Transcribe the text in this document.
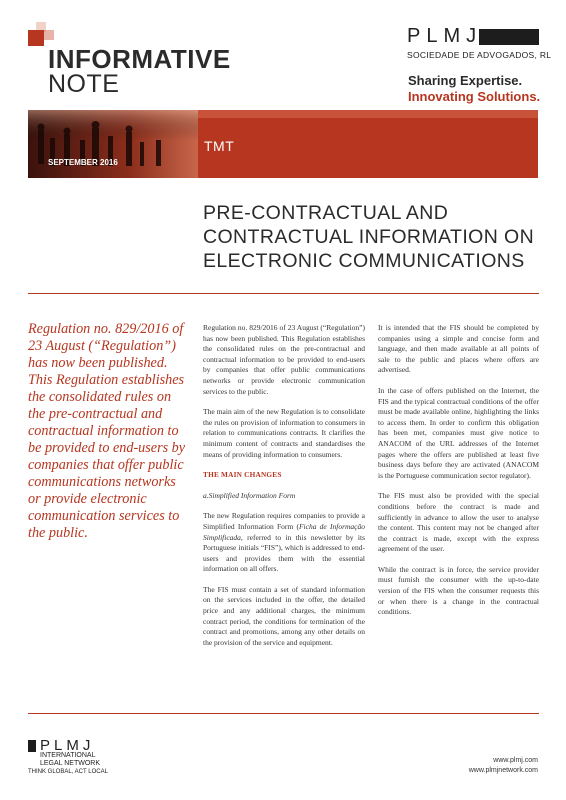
INFORMATIVE
NOTE
PLMJ
SOCIEDADE DE ADVOGADOS, RL
Sharing Expertise.
Innovating Solutions.
SEPTEMBER 2016
TMT
PRE-CONTRACTUAL AND
CONTRACTUAL INFORMATION ON
ELECTRONIC COMMUNICATIONS
Regulation no. 829/2016 of 23 August (“Regulation”) has now been published. This Regulation establishes the consolidated rules on the pre-contractual and contractual information to be provided to end-users by companies that offer public communications networks or provide electronic communication services to the public.

Regulation no. 829/2016 of 23 August (“Regulation”) has now been published. This Regulation establishes the consolidated rules on the pre-contractual and contractual information to be provided to end-users by companies that offer public communications networks or provide electronic communication services to the public.

The main aim of the new Regulation is to consolidate the rules on provision of information to consumers in relation to communications contracts. It clarifies the minimum content of contracts and standardises the means of providing information to consumers.

THE MAIN CHANGES

a.Simplified Information Form

The new Regulation requires companies to provide a Simplified Information Form (Ficha de Informação Simplificada, referred to in this newsletter by its Portuguese initials “FIS”), which is addressed to end-users and provides them with the essential information on all offers.

The FIS must contain a set of standard information on the services included in the offer, the detailed price and any additional charges, the minimum contract period, the conditions for termination of the contract and promotions, among any other details on the provision of the service and equipment.

It is intended that the FIS should be completed by companies using a simple and concise form and language, and then made available at all points of sale to the public and places where offers are advertised.

In the case of offers published on the Internet, the FIS and the typical contractual conditions of the offer must be made available online, highlighting the links to access them. In order to confirm this obligation has been met, companies must give notice to ANACOM of the URL addresses of the Internet pages where the offers are published at least five business days before they are activated (ANACOM is the Portuguese communication sector regulator).

The FIS must also be provided with the special conditions before the contract is made and sufficiently in advance to allow the user to analyse the content. This content may not be changed after the contract is made, except with the express agreement of the user.

While the contract is in force, the service provider must furnish the consumer with the up-to-date version of the FIS when the consumer requests this or when there is a change in the contractual conditions.

PLMJ
INTERNATIONAL
LEGAL NETWORK
THINK GLOBAL, ACT LOCAL
www.plmj.com
www.plmjnetwork.com
